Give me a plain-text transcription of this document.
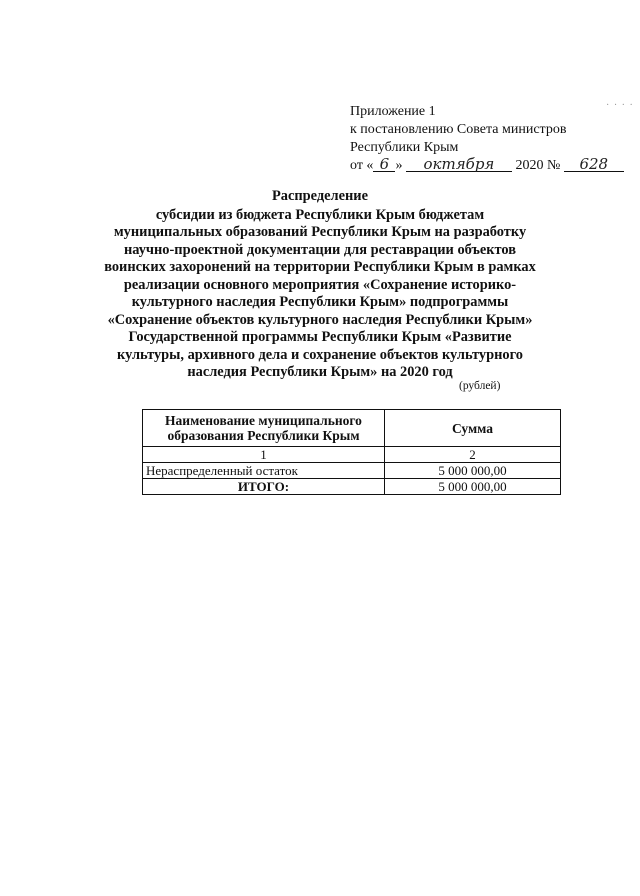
Приложение 1
к постановлению Совета министров
Республики Крым
от « 6 » октября 2020 № 628
Распределение
субсидии из бюджета Республики Крым бюджетам муниципальных образований Республики Крым на разработку научно-проектной документации для реставрации объектов воинских захоронений на территории Республики Крым в рамках реализации основного мероприятия «Сохранение историко-культурного наследия Республики Крым» подпрограммы «Сохранение объектов культурного наследия Республики Крым» Государственной программы Республики Крым «Развитие культуры, архивного дела и сохранение объектов культурного наследия Республики Крым» на 2020 год
(рублей)
Наименование муниципального образования Республики Крым	Сумма
1	2
Нераспределенный остаток	5 000 000,00
ИТОГО:	5 000 000,00
· · · ·
